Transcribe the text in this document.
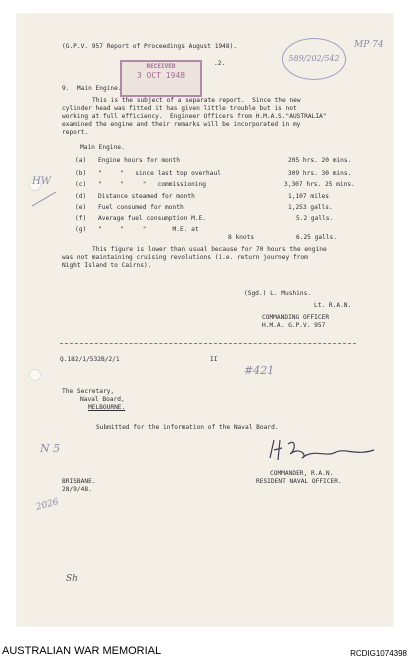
(G.P.V. 957 Report of Proceedings August 1948).
.2.
RECEIVED
3 OCT 1948
589/202/542
MP 74
9.  Main Engine.
This is the subject of a separate report.  Since the new
cylinder head was fitted it has given little trouble but is not
working at full efficiency.  Engineer Officers from H.M.A.S."AUSTRALIA"
examined the engine and their remarks will be incorporated in my
report.
Main Engine.
(a) Engine hours for month	205 hrs. 20 mins.
(b) "     "   since last top overhaul	309 hrs. 30 mins.
(c) "     "     "   commissioning	3,307 hrs. 25 mins.
(d) Distance steamed for month	1,107 miles
(e) Fuel consumed for month	1,253 galls.
(f) Average fuel consumption M.E.	5.2 galls.
(g) "     "     "       M.E. at
8 knots	6.25 galls.
This figure is lower than usual because for 70 hours the engine
was not maintaining cruising revolutions (i.e. return journey from
Night Island to Cairns).
(Sgd.) L. Mushins.
Lt. R.A.N.
COMMANDING OFFICER
H.M.A. G.P.V. 957
Q.182/1/532B/2/1	II
#421
The Secretary,
Naval Board,
MELBOURNE.
Submitted for the information of the Naval Board.
COMMANDER, R.A.N.
RESIDENT NAVAL OFFICER.
BRISBANE.
28/9/48.
HW
N 5
2026
Sh
AUSTRALIAN WAR MEMORIAL	RCDIG1074398
